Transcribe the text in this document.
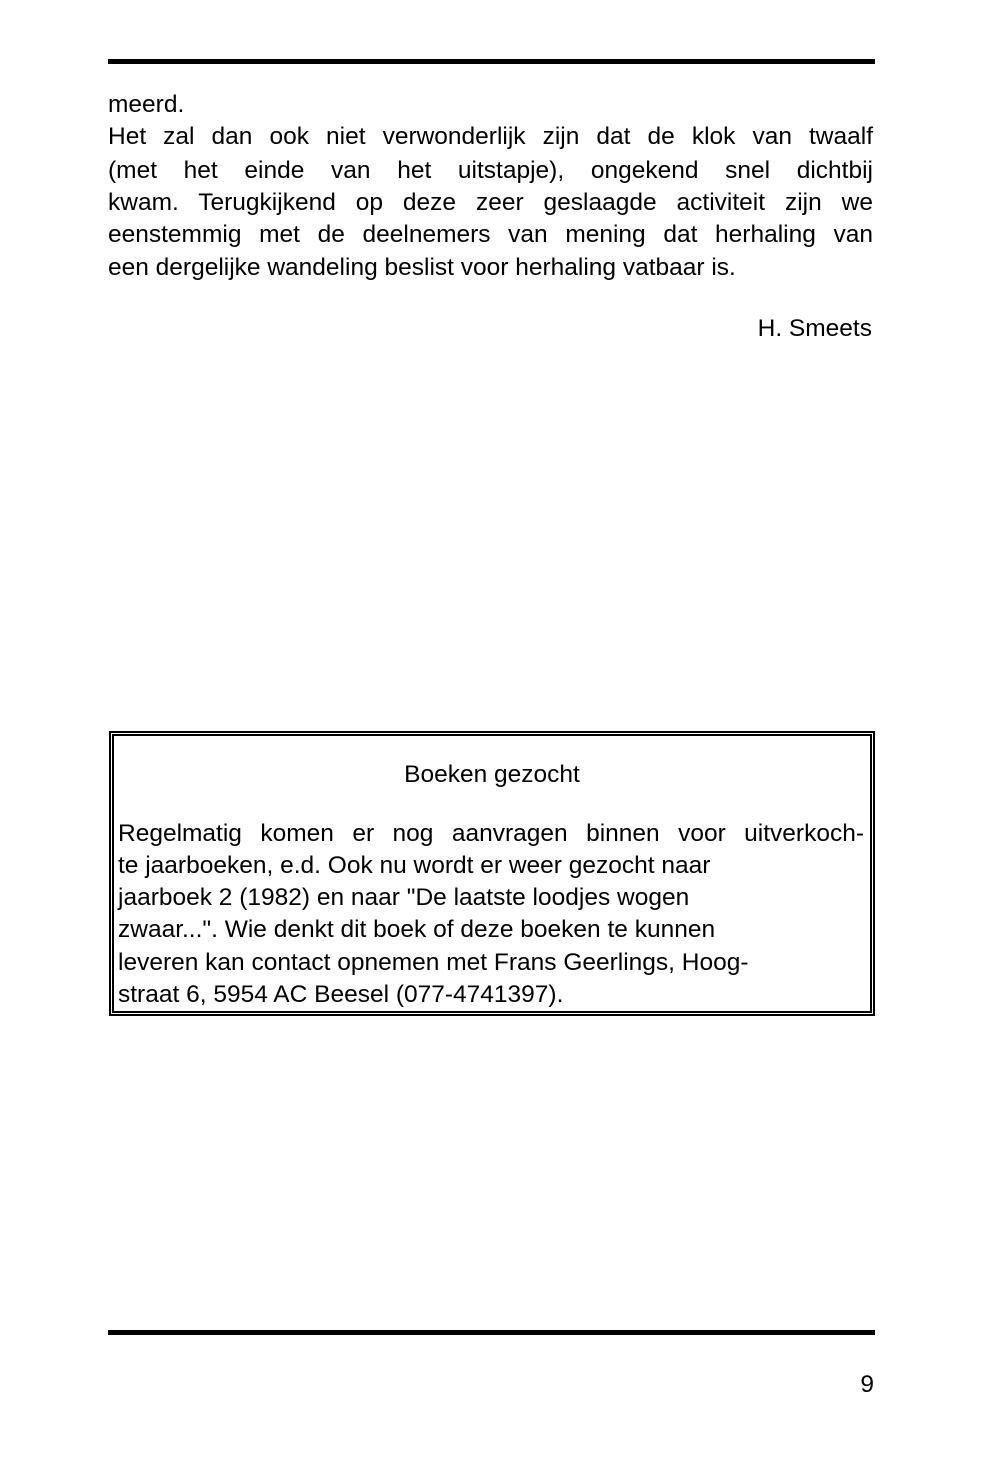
meerd.
Het zal dan ook niet verwonderlijk zijn dat de klok van twaalf
(met het einde van het uitstapje), ongekend snel dichtbij
kwam. Terugkijkend op deze zeer geslaagde activiteit zijn we
eenstemmig met de deelnemers van mening dat herhaling van
een dergelijke wandeling beslist voor herhaling vatbaar is.
H. Smeets
Boeken gezocht
Regelmatig komen er nog aanvragen binnen voor uitverkoch-
te jaarboeken, e.d. Ook nu wordt er weer gezocht naar
jaarboek 2 (1982) en naar "De laatste loodjes wogen
zwaar...". Wie denkt dit boek of deze boeken te kunnen
leveren kan contact opnemen met Frans Geerlings, Hoog-
straat 6, 5954 AC Beesel (077-4741397).
9
